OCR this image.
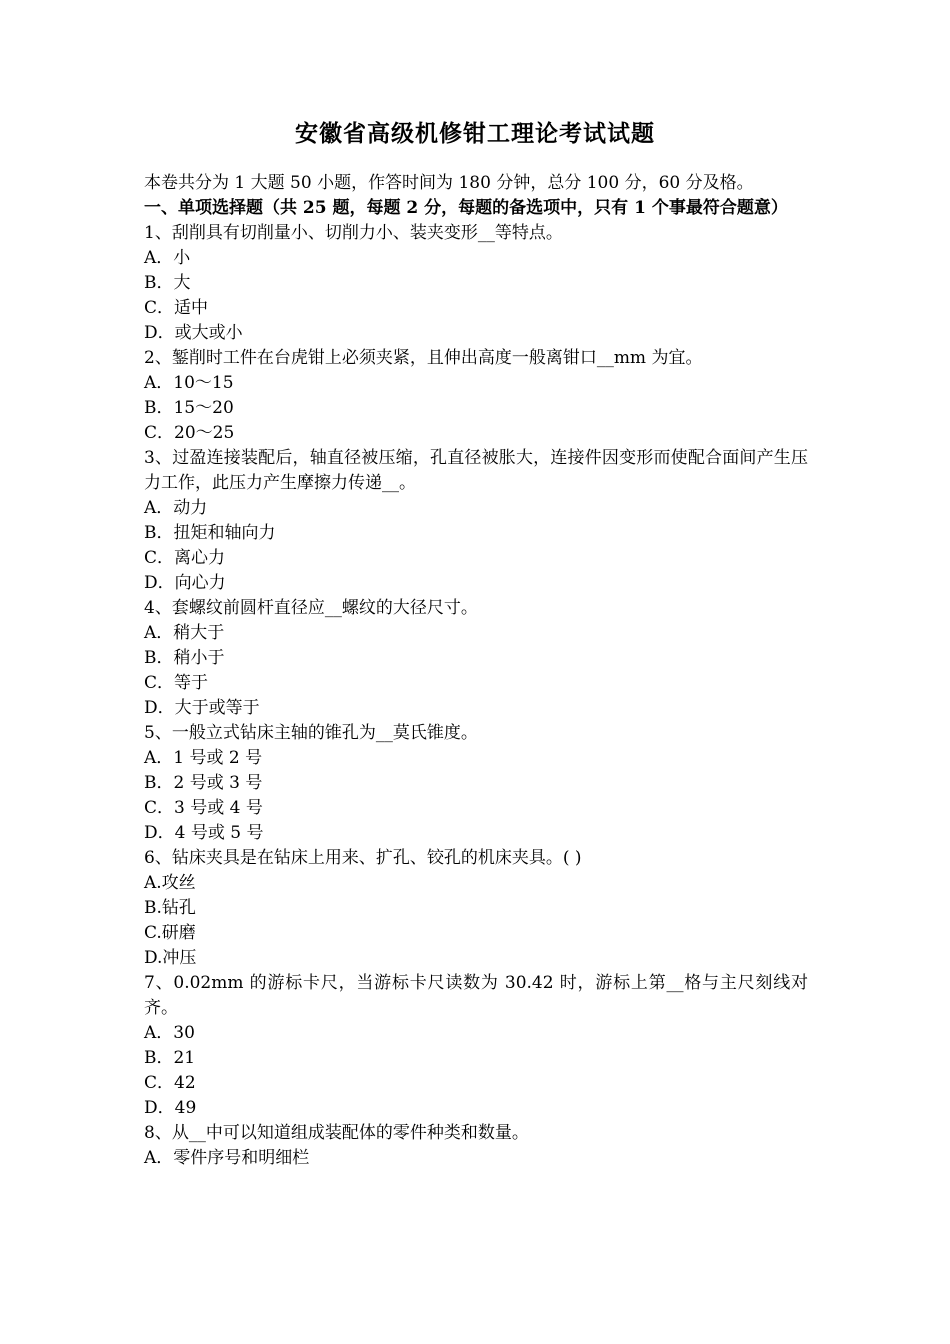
安徽省高级机修钳工理论考试试题

本卷共分为 1 大题 50 小题，作答时间为 180 分钟，总分 100 分，60 分及格。

一、单项选择题（共 25 题，每题 2 分，每题的备选项中，只有 1 个事最符合题意）

1、刮削具有切削量小、切削力小、装夹变形__等特点。

A．小

B．大

C．适中

D．或大或小

2、錾削时工件在台虎钳上必须夹紧，且伸出高度一般离钳口__mm 为宜。

A．10～15

B．15～20

C．20～25

3、过盈连接装配后，轴直径被压缩，孔直径被胀大，连接件因变形而使配合面间产生压力工作，此压力产生摩擦力传递__。

A．动力

B．扭矩和轴向力

C．离心力

D．向心力

4、套螺纹前圆杆直径应__螺纹的大径尺寸。

A．稍大于

B．稍小于

C．等于

D．大于或等于

5、一般立式钻床主轴的锥孔为__莫氏锥度。

A．1 号或 2 号

B．2 号或 3 号

C．3 号或 4 号

D．4 号或 5 号

6、钻床夹具是在钻床上用来、扩孔、铰孔的机床夹具。( )

A.攻丝

B.钻孔

C.研磨

D.冲压

7、0.02mm 的游标卡尺，当游标卡尺读数为 30.42 时，游标上第__格与主尺刻线对齐。

A．30

B．21

C．42

D．49

8、从__中可以知道组成装配体的零件种类和数量。

A．零件序号和明细栏
